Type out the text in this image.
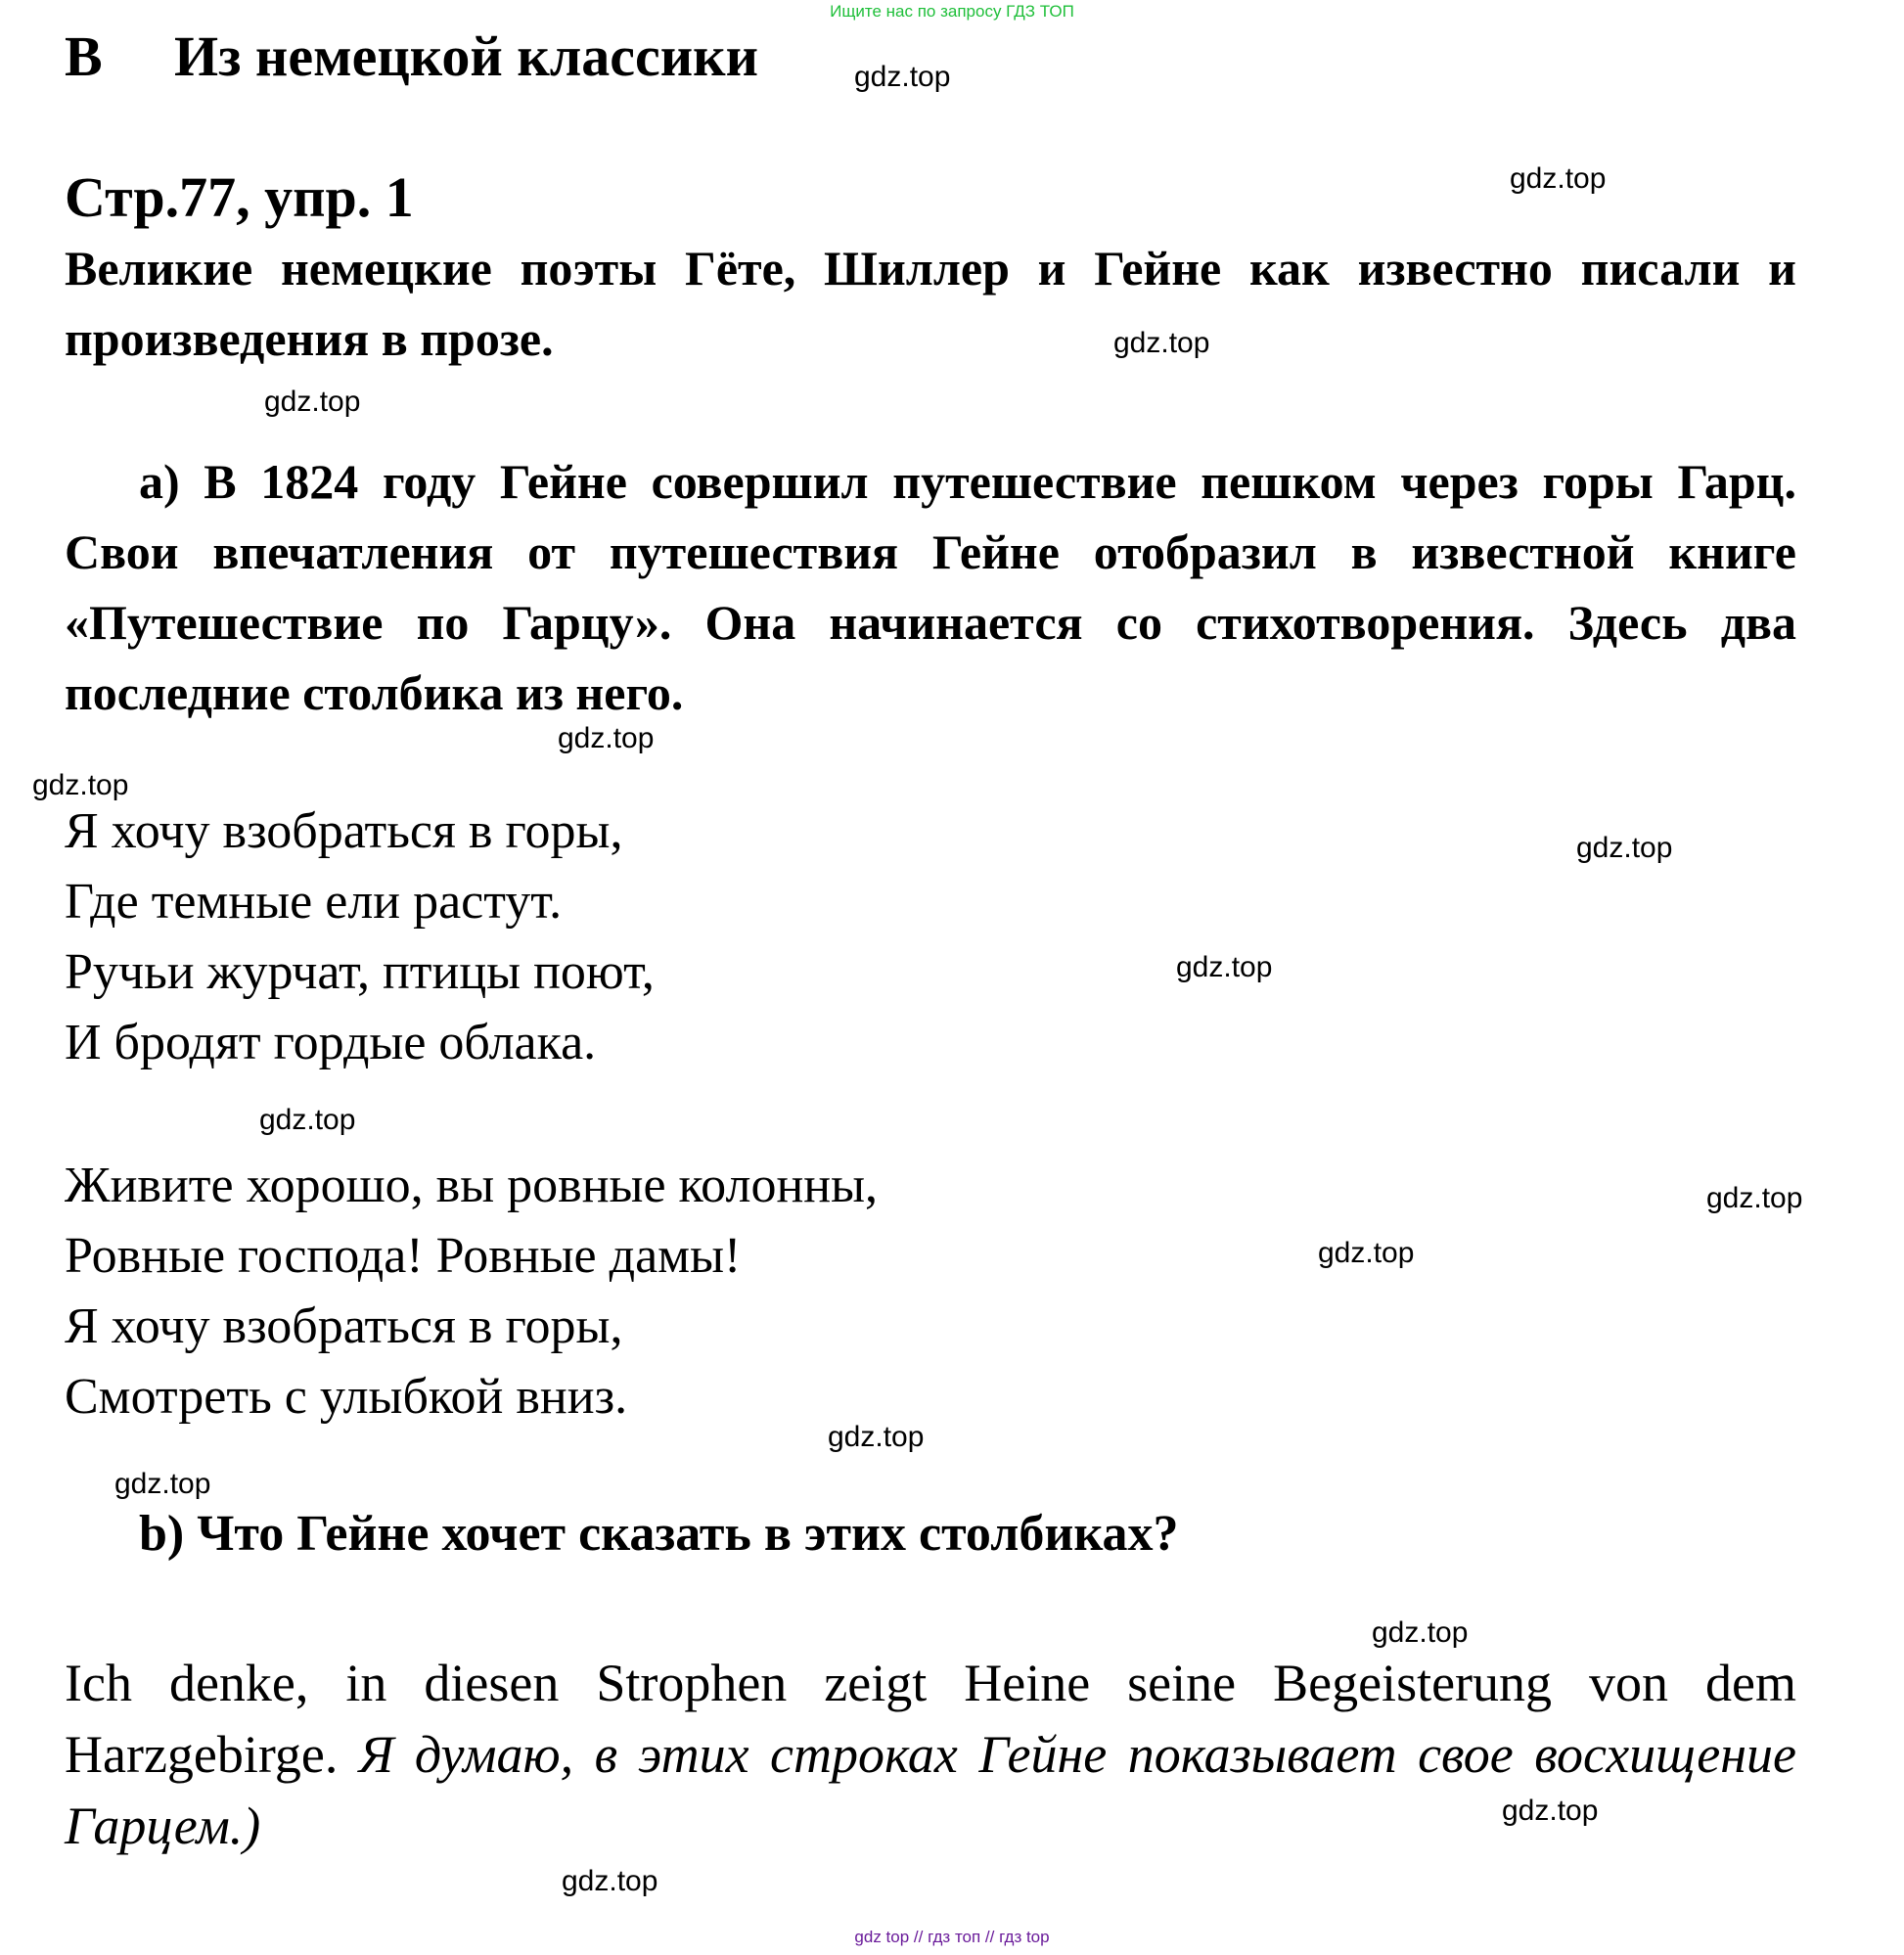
Ищите нас по запросу ГДЗ ТОП
B Из немецкой классики
Стр.77, упр. 1
Великие немецкие поэты Гёте, Шиллер и Гейне как известно писали и произведения в прозе.
а) В 1824 году Гейне совершил путешествие пешком через горы Гарц. Свои впечатления от путешествия Гейне отобразил в известной книге «Путешествие по Гарцу». Она начинается со стихотворения. Здесь два последние столбика из него.
Я хочу взобраться в горы,
Где темные ели растут.
Ручьи журчат, птицы поют,
И бродят гордые облака.
Живите хорошо, вы ровные колонны,
Ровные господа! Ровные дамы!
Я хочу взобраться в горы,
Смотреть с улыбкой вниз.
b) Что Гейне хочет сказать в этих столбиках?
Ich denke, in diesen Strophen zeigt Heine seine Begeisterung von dem Harzgebirge. Я думаю, в этих строках Гейне показывает свое восхищение Гарцем.)
gdz.top
gdz.top
gdz.top
gdz.top
gdz.top
gdz.top
gdz.top
gdz.top
gdz.top
gdz.top
gdz.top
gdz.top
gdz.top
gdz.top
gdz.top
gdz.top
gdz top // гдз топ // гдз top
